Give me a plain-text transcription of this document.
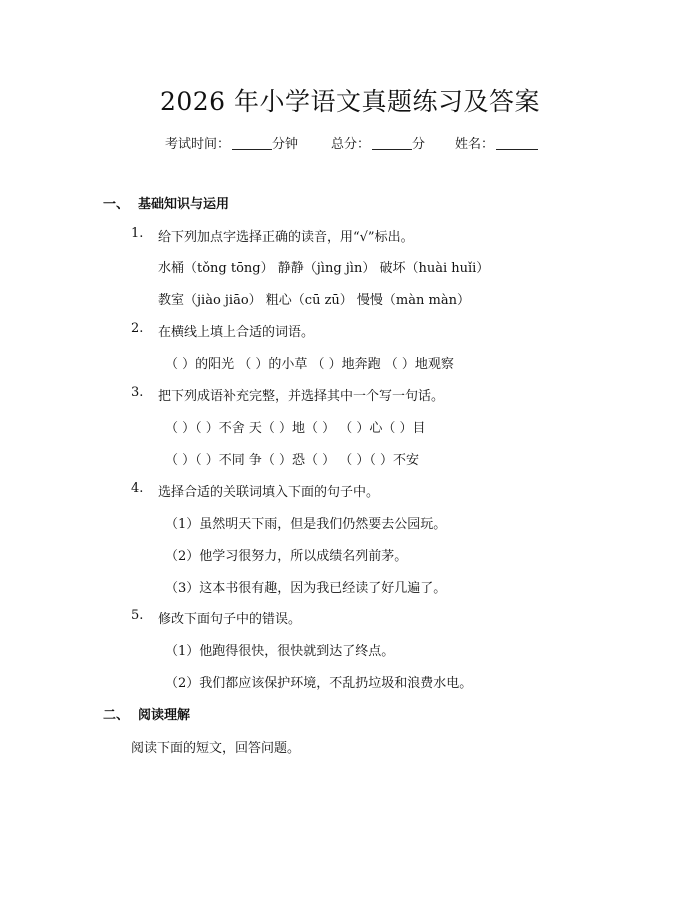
2026 年小学语文真题练习及答案
考试时间：	分钟	总分：	分 姓名：
一、 基础知识与运用
1. 给下列加点字选择正确的读音，用“√”标出。
水桶（tǒng tōng） 静静（jìng jìn） 破坏（huài huǐi）
教室（jiào jiāo） 粗心（cū zū） 慢慢（màn màn）
2. 在横线上填上合适的词语。
（ ）的阳光 （ ）的小草 （ ）地奔跑 （ ）地观察
3. 把下列成语补充完整，并选择其中一个写一句话。
（ ）（ ）不舍 天（ ）地（ ） （ ）心（ ）目
（ ）（ ）不同 争（ ）恐（ ） （ ）（ ）不安
4. 选择合适的关联词填入下面的句子中。
（1）虽然明天下雨，但是我们仍然要去公园玩。
（2）他学习很努力，所以成绩名列前茅。
（3）这本书很有趣，因为我已经读了好几遍了。
5. 修改下面句子中的错误。
（1）他跑得很快，很快就到达了终点。
（2）我们都应该保护环境，不乱扔垃圾和浪费水电。
二、 阅读理解
阅读下面的短文，回答问题。
